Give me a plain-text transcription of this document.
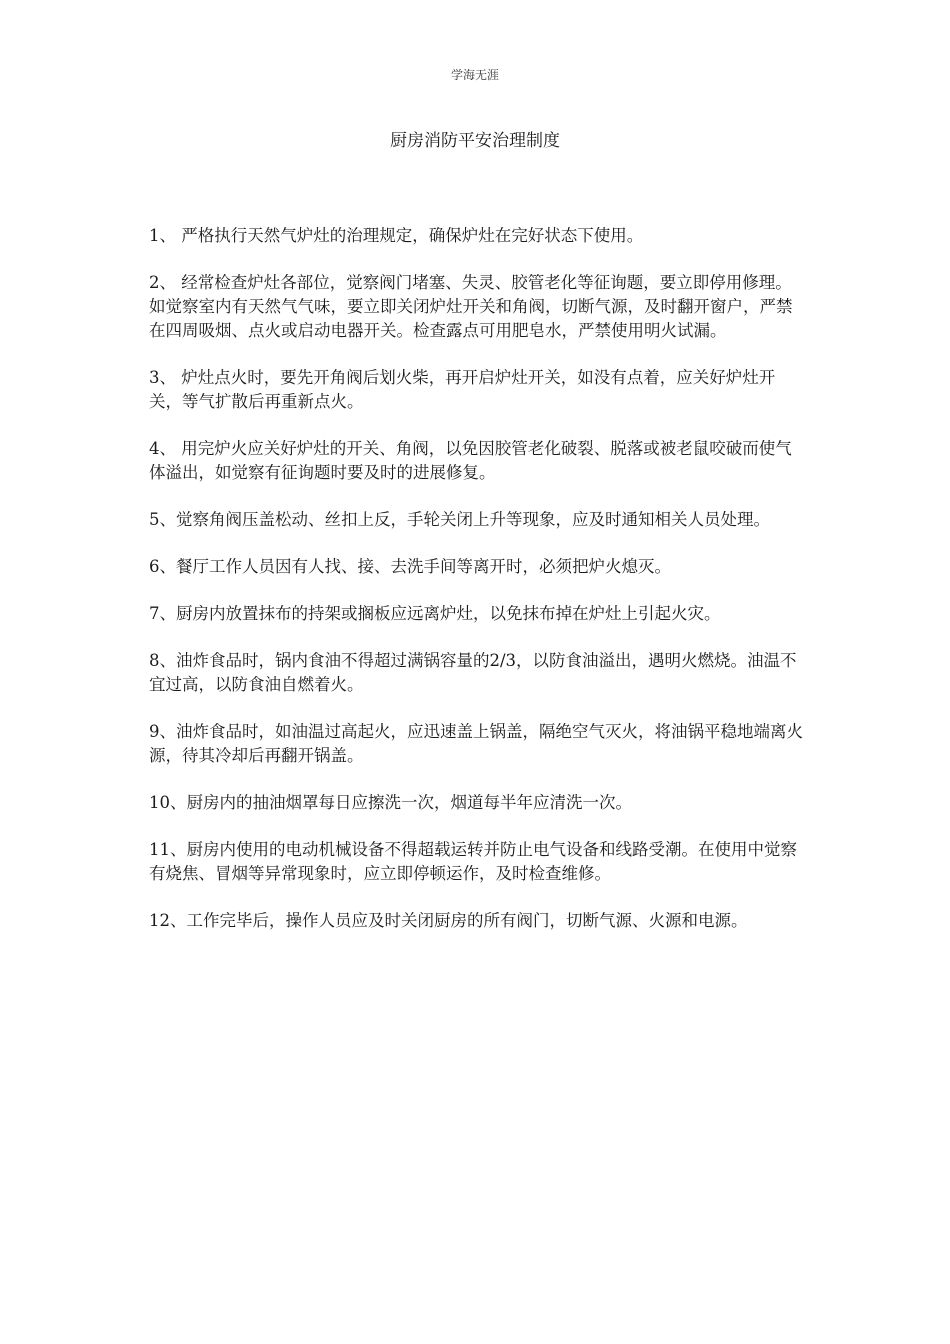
学海无涯
厨房消防平安治理制度

1、 严格执行天然气炉灶的治理规定，确保炉灶在完好状态下使用。

2、 经常检查炉灶各部位，觉察阀门堵塞、失灵、胶管老化等征询题，要立即停用修理。如觉察室内有天然气气味，要立即关闭炉灶开关和角阀，切断气源，及时翻开窗户，严禁在四周吸烟、点火或启动电器开关。检查露点可用肥皂水，严禁使用明火试漏。

3、 炉灶点火时，要先开角阀后划火柴，再开启炉灶开关，如没有点着，应关好炉灶开关，等气扩散后再重新点火。

4、 用完炉火应关好炉灶的开关、角阀，以免因胶管老化破裂、脱落或被老鼠咬破而使气体溢出，如觉察有征询题时要及时的进展修复。

5、觉察角阀压盖松动、丝扣上反，手轮关闭上升等现象，应及时通知相关人员处理。

6、餐厅工作人员因有人找、接、去洗手间等离开时，必须把炉火熄灭。

7、厨房内放置抹布的持架或搁板应远离炉灶，以免抹布掉在炉灶上引起火灾。

8、油炸食品时，锅内食油不得超过满锅容量的2/3，以防食油溢出，遇明火燃烧。油温不宜过高，以防食油自燃着火。

9、油炸食品时，如油温过高起火，应迅速盖上锅盖，隔绝空气灭火，将油锅平稳地端离火源，待其冷却后再翻开锅盖。

10、厨房内的抽油烟罩每日应擦洗一次，烟道每半年应清洗一次。

11、厨房内使用的电动机械设备不得超载运转并防止电气设备和线路受潮。在使用中觉察有烧焦、冒烟等异常现象时，应立即停顿运作，及时检查维修。

12、工作完毕后，操作人员应及时关闭厨房的所有阀门，切断气源、火源和电源。
